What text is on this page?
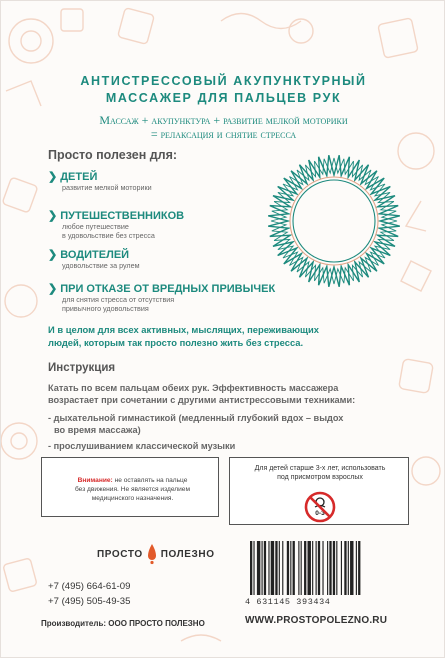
АНТИСТРЕССОВЫЙ АКУПУНКТУРНЫЙ
МАССАЖЕР ДЛЯ ПАЛЬЦЕВ РУК
Массаж + акупунктура + развитие мелкой моторики
= релаксация и снятие стресса
Просто полезен для:
❯ ДЕТЕЙ
развитие мелкой моторики
❯ ПУТЕШЕСТВЕННИКОВ
любое путешествие
в удовольствие без стресса
❯ ВОДИТЕЛЕЙ
удовольствие за рулем
❯ ПРИ ОТКАЗЕ ОТ ВРЕДНЫХ ПРИВЫЧЕК
для снятия стресса от отсутствия
привычного удовольствия
И в целом для всех активных, мыслящих, переживающих
людей, которым так просто полезно жить без стресса.
Инструкция
Катать по всем пальцам обеих рук. Эффективность массажера
возрастает при сочетании с другими антистрессовыми техниками:
- дыхательной гимнастикой (медленный глубокий вдох – выдох
во время массажа)
- прослушиванием классической музыки

Внимание: не оставлять на пальце
без движения. Не является изделием
медицинского назначения.

Для детей старше 3-х лет, использовать
под присмотром взрослых

0-3
ПРОСТО ПОЛЕЗНО
4 631145 393434
+7 (495) 664-61-09
+7 (495) 505-49-35
Производитель: ООО ПРОСТО ПОЛЕЗНО	WWW.PROSTOPOLEZNO.RU
